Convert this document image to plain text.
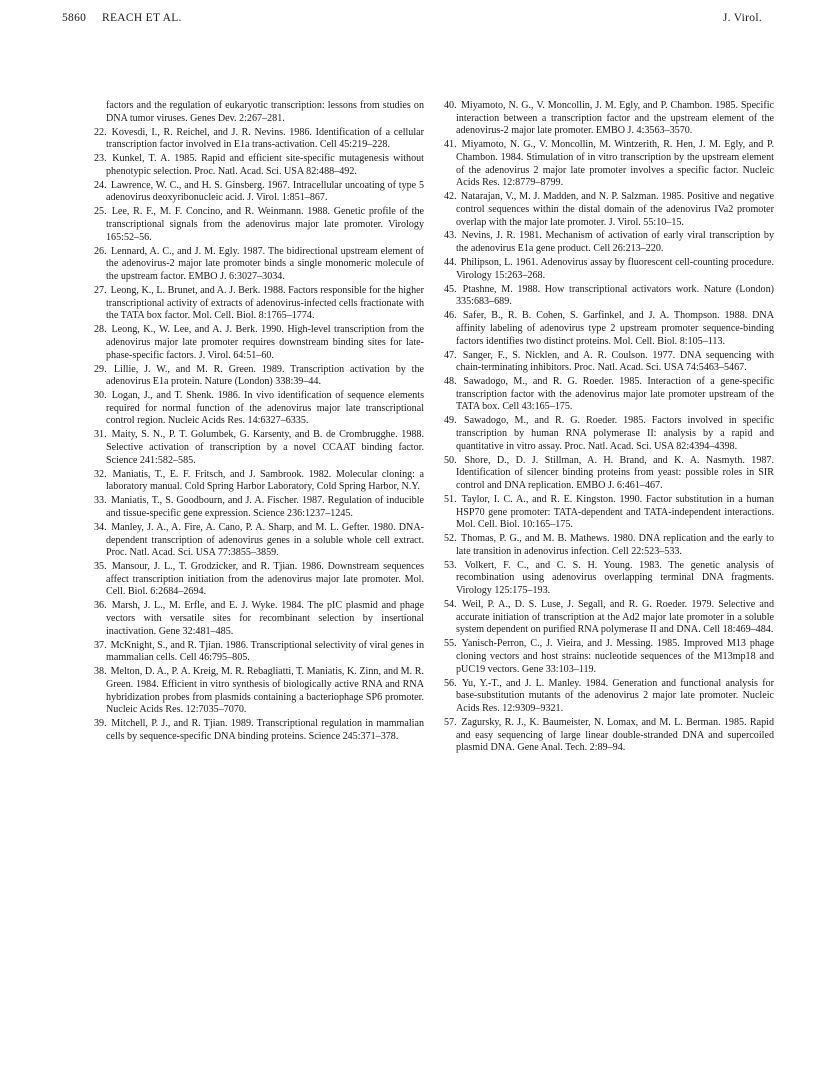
5860 REACH ET AL.	J. Virol.

factors and the regulation of eukaryotic transcription: lessons from studies on DNA tumor viruses. Genes Dev. 2:267–281.

22. Kovesdi, I., R. Reichel, and J. R. Nevins. 1986. Identification of a cellular transcription factor involved in E1a trans-activation. Cell 45:219–228.

23. Kunkel, T. A. 1985. Rapid and efficient site-specific mutagenesis without phenotypic selection. Proc. Natl. Acad. Sci. USA 82:488–492.

24. Lawrence, W. C., and H. S. Ginsberg. 1967. Intracellular uncoating of type 5 adenovirus deoxyribonucleic acid. J. Virol. 1:851–867.

25. Lee, R. F., M. F. Concino, and R. Weinmann. 1988. Genetic profile of the transcriptional signals from the adenovirus major late promoter. Virology 165:52–56.

26. Lennard, A. C., and J. M. Egly. 1987. The bidirectional upstream element of the adenovirus-2 major late promoter binds a single monomeric molecule of the upstream factor. EMBO J. 6:3027–3034.

27. Leong, K., L. Brunet, and A. J. Berk. 1988. Factors responsible for the higher transcriptional activity of extracts of adenovirus-infected cells fractionate with the TATA box factor. Mol. Cell. Biol. 8:1765–1774.

28. Leong, K., W. Lee, and A. J. Berk. 1990. High-level transcription from the adenovirus major late promoter requires downstream binding sites for late-phase-specific factors. J. Virol. 64:51–60.

29. Lillie, J. W., and M. R. Green. 1989. Transcription activation by the adenovirus E1a protein. Nature (London) 338:39–44.

30. Logan, J., and T. Shenk. 1986. In vivo identification of sequence elements required for normal function of the adenovirus major late transcriptional control region. Nucleic Acids Res. 14:6327–6335.

31. Maity, S. N., P. T. Golumbek, G. Karsenty, and B. de Crombrugghe. 1988. Selective activation of transcription by a novel CCAAT binding factor. Science 241:582–585.

32. Maniatis, T., E. F. Fritsch, and J. Sambrook. 1982. Molecular cloning: a laboratory manual. Cold Spring Harbor Laboratory, Cold Spring Harbor, N.Y.

33. Maniatis, T., S. Goodbourn, and J. A. Fischer. 1987. Regulation of inducible and tissue-specific gene expression. Science 236:1237–1245.

34. Manley, J. A., A. Fire, A. Cano, P. A. Sharp, and M. L. Gefter. 1980. DNA-dependent transcription of adenovirus genes in a soluble whole cell extract. Proc. Natl. Acad. Sci. USA 77:3855–3859.

35. Mansour, J. L., T. Grodzicker, and R. Tjian. 1986. Downstream sequences affect transcription initiation from the adenovirus major late promoter. Mol. Cell. Biol. 6:2684–2694.

36. Marsh, J. L., M. Erfle, and E. J. Wyke. 1984. The pIC plasmid and phage vectors with versatile sites for recombinant selection by insertional inactivation. Gene 32:481–485.

37. McKnight, S., and R. Tjian. 1986. Transcriptional selectivity of viral genes in mammalian cells. Cell 46:795–805.

38. Melton, D. A., P. A. Kreig, M. R. Rebagliatti, T. Maniatis, K. Zinn, and M. R. Green. 1984. Efficient in vitro synthesis of biologically active RNA and RNA hybridization probes from plasmids containing a bacteriophage SP6 promoter. Nucleic Acids Res. 12:7035–7070.

39. Mitchell, P. J., and R. Tjian. 1989. Transcriptional regulation in mammalian cells by sequence-specific DNA binding proteins. Science 245:371–378.

40. Miyamoto, N. G., V. Moncollin, J. M. Egly, and P. Chambon. 1985. Specific interaction between a transcription factor and the upstream element of the adenovirus-2 major late promoter. EMBO J. 4:3563–3570.

41. Miyamoto, N. G., V. Moncollin, M. Wintzerith, R. Hen, J. M. Egly, and P. Chambon. 1984. Stimulation of in vitro transcription by the upstream element of the adenovirus 2 major late promoter involves a specific factor. Nucleic Acids Res. 12:8779–8799.

42. Natarajan, V., M. J. Madden, and N. P. Salzman. 1985. Positive and negative control sequences within the distal domain of the adenovirus IVa2 promoter overlap with the major late promoter. J. Virol. 55:10–15.

43. Nevins, J. R. 1981. Mechanism of activation of early viral transcription by the adenovirus E1a gene product. Cell 26:213–220.

44. Philipson, L. 1961. Adenovirus assay by fluorescent cell-counting procedure. Virology 15:263–268.

45. Ptashne, M. 1988. How transcriptional activators work. Nature (London) 335:683–689.

46. Safer, B., R. B. Cohen, S. Garfinkel, and J. A. Thompson. 1988. DNA affinity labeling of adenovirus type 2 upstream promoter sequence-binding factors identifies two distinct proteins. Mol. Cell. Biol. 8:105–113.

47. Sanger, F., S. Nicklen, and A. R. Coulson. 1977. DNA sequencing with chain-terminating inhibitors. Proc. Natl. Acad. Sci. USA 74:5463–5467.

48. Sawadogo, M., and R. G. Roeder. 1985. Interaction of a gene-specific transcription factor with the adenovirus major late promoter upstream of the TATA box. Cell 43:165–175.

49. Sawadogo, M., and R. G. Roeder. 1985. Factors involved in specific transcription by human RNA polymerase II: analysis by a rapid and quantitative in vitro assay. Proc. Natl. Acad. Sci. USA 82:4394–4398.

50. Shore, D., D. J. Stillman, A. H. Brand, and K. A. Nasmyth. 1987. Identification of silencer binding proteins from yeast: possible roles in SIR control and DNA replication. EMBO J. 6:461–467.

51. Taylor, I. C. A., and R. E. Kingston. 1990. Factor substitution in a human HSP70 gene promoter: TATA-dependent and TATA-independent interactions. Mol. Cell. Biol. 10:165–175.

52. Thomas, P. G., and M. B. Mathews. 1980. DNA replication and the early to late transition in adenovirus infection. Cell 22:523–533.

53. Volkert, F. C., and C. S. H. Young. 1983. The genetic analysis of recombination using adenovirus overlapping terminal DNA fragments. Virology 125:175–193.

54. Weil, P. A., D. S. Luse, J. Segall, and R. G. Roeder. 1979. Selective and accurate initiation of transcription at the Ad2 major late promoter in a soluble system dependent on purified RNA polymerase II and DNA. Cell 18:469–484.

55. Yanisch-Perron, C., J. Vieira, and J. Messing. 1985. Improved M13 phage cloning vectors and host strains: nucleotide sequences of the M13mp18 and pUC19 vectors. Gene 33:103–119.

56. Yu, Y.-T., and J. L. Manley. 1984. Generation and functional analysis for base-substitution mutants of the adenovirus 2 major late promoter. Nucleic Acids Res. 12:9309–9321.

57. Zagursky, R. J., K. Baumeister, N. Lomax, and M. L. Berman. 1985. Rapid and easy sequencing of large linear double-stranded DNA and supercoiled plasmid DNA. Gene Anal. Tech. 2:89–94.
